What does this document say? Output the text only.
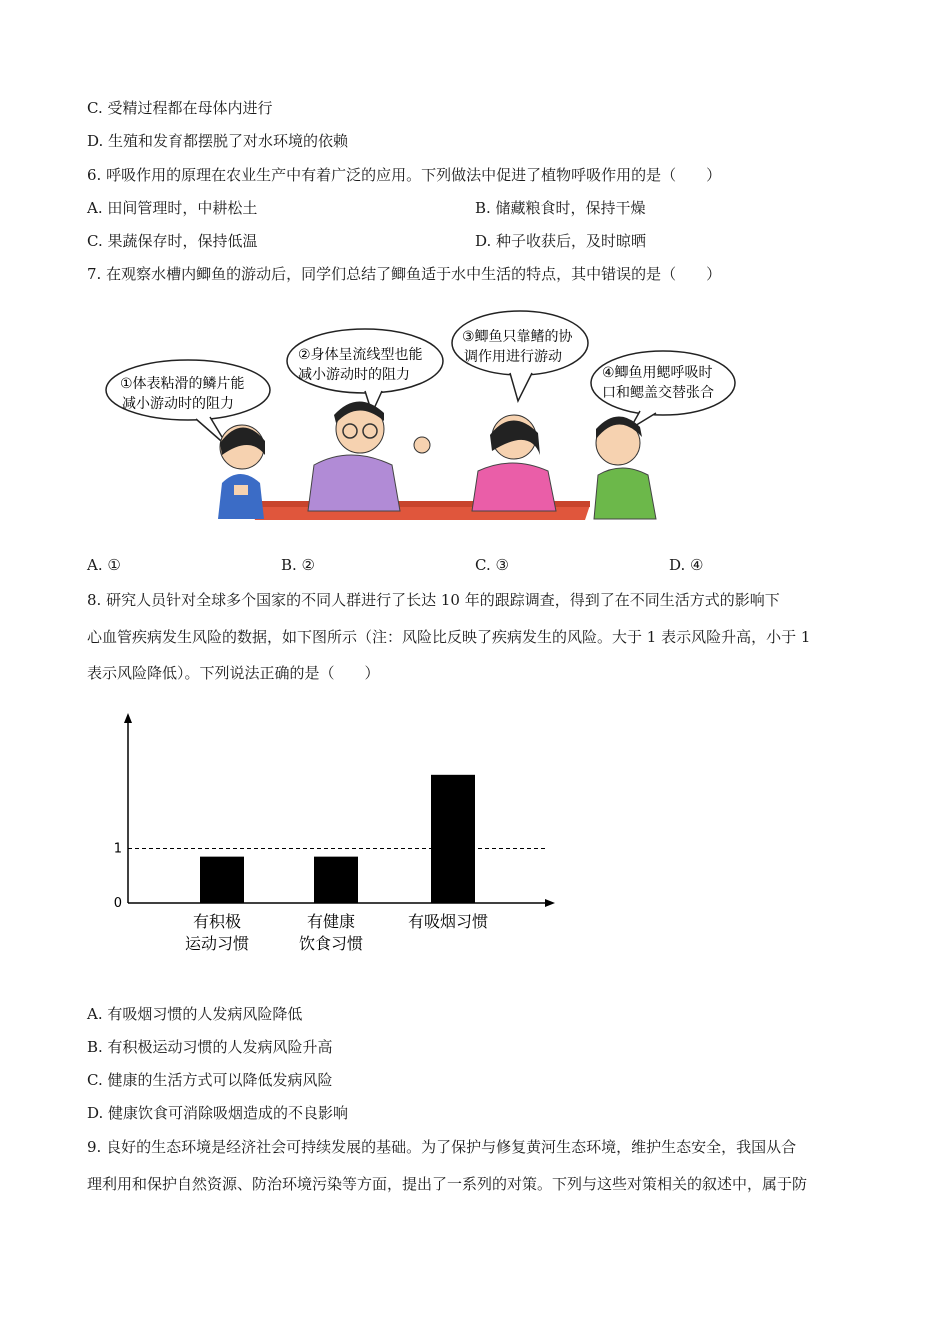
C. 受精过程都在母体内进行
D. 生殖和发育都摆脱了对水环境的依赖
6. 呼吸作用的原理在农业生产中有着广泛的应用。下列做法中促进了植物呼吸作用的是（　　）
A. 田间管理时，中耕松土	B. 储藏粮食时，保持干燥
C. 果蔬保存时，保持低温	D. 种子收获后，及时晾晒
7. 在观察水槽内鲫鱼的游动后，同学们总结了鲫鱼适于水中生活的特点，其中错误的是（　　）
①体表粘滑的鳞片能
减小游动时的阻力
②身体呈流线型也能
减小游动时的阻力
③鲫鱼只靠鳍的协
调作用进行游动
④鲫鱼用鳃呼吸时
口和鳃盖交替张合
A. ①	B. ②	C. ③	D. ④
8. 研究人员针对全球多个国家的不同人群进行了长达 10 年的跟踪调查，得到了在不同生活方式的影响下
心血管疾病发生风险的数据，如下图所示（注：风险比反映了疾病发生的风险。大于 1 表示风险升高，小于 1
表示风险降低）。下列说法正确的是（　　）
0
1
有积极
运动习惯
有健康
饮食习惯
有吸烟习惯
A. 有吸烟习惯的人发病风险降低
B. 有积极运动习惯的人发病风险升高
C. 健康的生活方式可以降低发病风险
D. 健康饮食可消除吸烟造成的不良影响
9. 良好的生态环境是经济社会可持续发展的基础。为了保护与修复黄河生态环境，维护生态安全，我国从合
理利用和保护自然资源、防治环境污染等方面，提出了一系列的对策。下列与这些对策相关的叙述中，属于防
